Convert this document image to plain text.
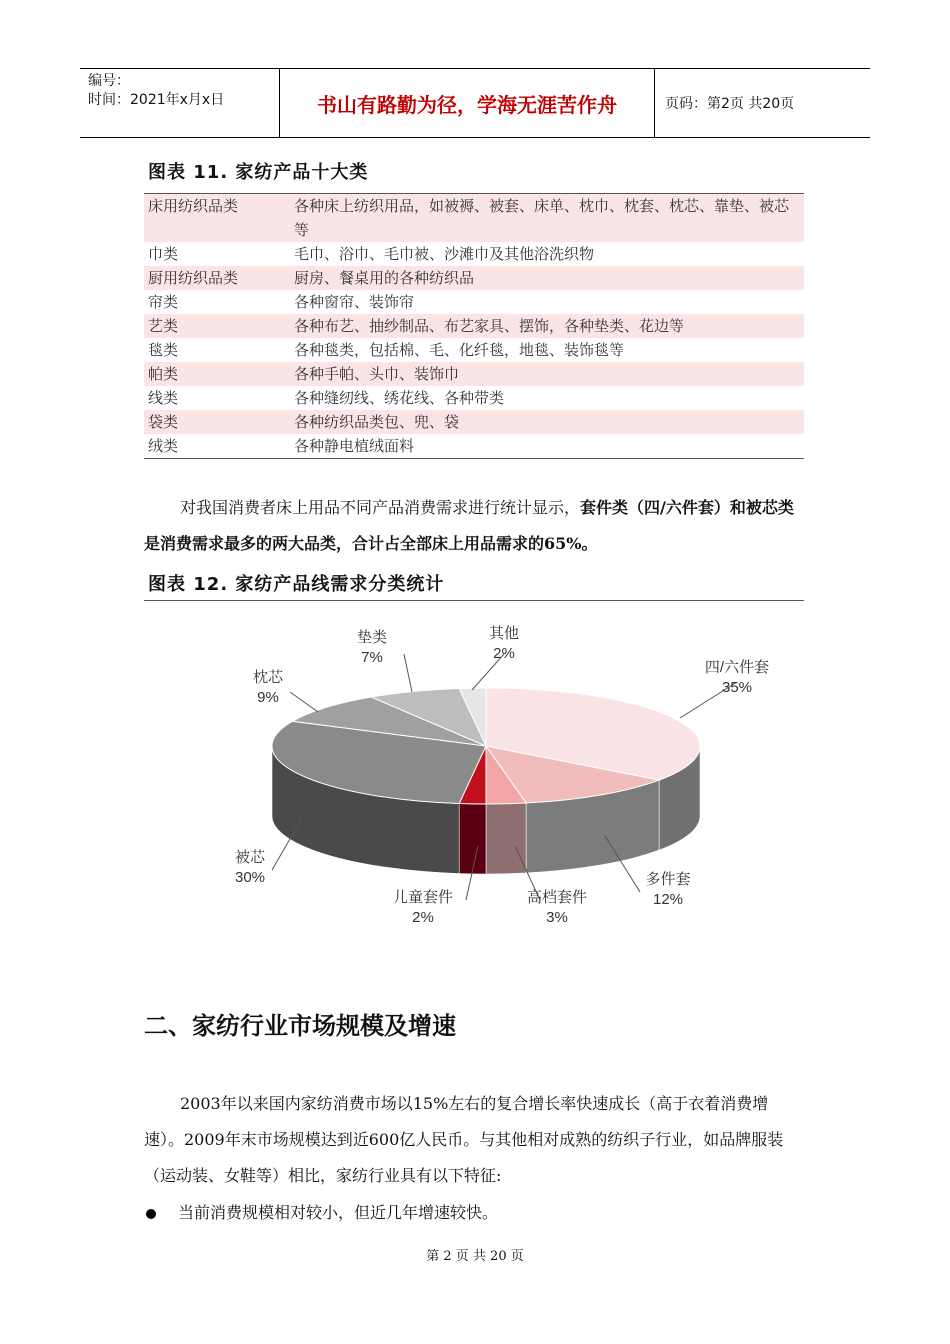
编号：
时间：2021年x月x日	书山有路勤为径，学海无涯苦作舟	页码：第2页 共20页
图表 11. 家纺产品十大类
床用纺织品类	各种床上纺织用品，如被褥、被套、床单、枕巾、枕套、枕芯、靠垫、被芯等
巾类	毛巾、浴巾、毛巾被、沙滩巾及其他浴洗织物
厨用纺织品类	厨房、餐桌用的各种纺织品
帘类	各种窗帘、装饰帘
艺类	各种布艺、抽纱制品、布艺家具、摆饰，各种垫类、花边等
毯类	各种毯类，包括棉、毛、化纤毯，地毯、装饰毯等
帕类	各种手帕、头巾、装饰巾
线类	各种缝纫线、绣花线、各种带类
袋类	各种纺织品类包、兜、袋
绒类	各种静电植绒面料
对我国消费者床上用品不同产品消费需求进行统计显示，套件类（四/六件套）和被芯类是消费需求最多的两大品类，合计占全部床上用品需求的65%。
图表 12. 家纺产品线需求分类统计
四/六件套
35%
多件套
12%
高档套件
3%
儿童套件
2%
被芯
30%
枕芯
9%
垫类
7%
其他
2%
二、家纺行业市场规模及增速
2003年以来国内家纺消费市场以15%左右的复合增长率快速成长（高于衣着消费增速）。2009年末市场规模达到近600亿人民币。与其他相对成熟的纺织子行业，如品牌服装（运动装、女鞋等）相比，家纺行业具有以下特征:
当前消费规模相对较小，但近几年增速较快。
第 2 页 共 20 页
